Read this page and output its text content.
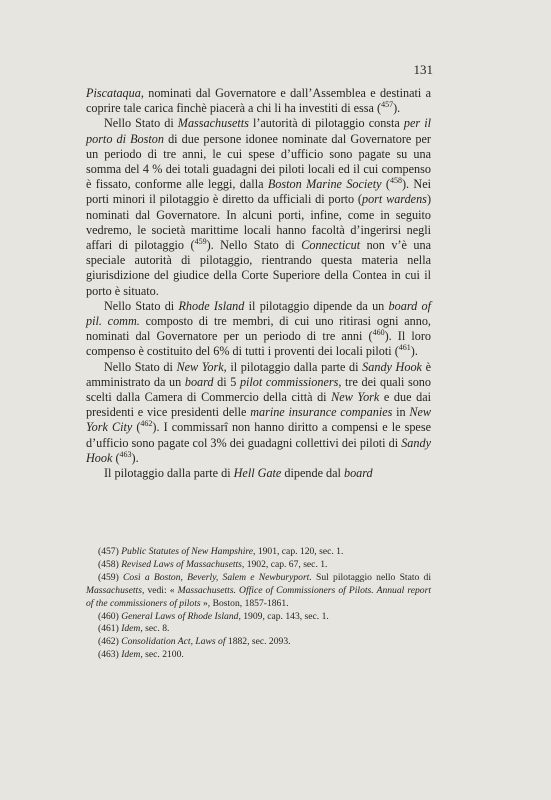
131

Piscataqua, nominati dal Governatore e dall’Assemblea e destinati a coprire tale carica finchè piacerà a chi li ha investiti di essa ($^{457}$).

Nello Stato di Massachusetts l’autorità di pilotaggio consta per il porto di Boston di due persone idonee nominate dal Governatore per un periodo di tre anni, le cui spese d’ufficio sono pagate su una somma del 4 % dei totali guadagni dei piloti locali ed il cui compenso è fissato, conforme alle leggi, dalla Boston Marine Society ($^{458}$). Nei porti minori il pilotaggio è diretto da ufficiali di porto (port wardens) nominati dal Governatore. In alcuni porti, infine, come in seguito vedremo, le società marittime locali hanno facoltà d’ingerirsi negli affari di pilotaggio ($^{459}$). Nello Stato di Connecticut non v’è una speciale autorità di pilotaggio, rientrando questa materia nella giurisdizione del giudice della Corte Superiore della Contea in cui il porto è situato.

Nello Stato di Rhode Island il pilotaggio dipende da un board of pil. comm. composto di tre membri, di cui uno ritirasi ogni anno, nominati dal Governatore per un periodo di tre anni ($^{460}$). Il loro compenso è costituito del 6% di tutti i proventi dei locali piloti ($^{461}$).

Nello Stato di New York, il pilotaggio dalla parte di Sandy Hook è amministrato da un board di 5 pilot commissioners, tre dei quali sono scelti dalla Camera di Commercio della città di New York e due dai presidenti e vice presidenti delle marine insurance companies in New York City ($^{462}$). I commissarî non hanno diritto a compensi e le spese d’ufficio sono pagate col 3% dei guadagni collettivi dei piloti di Sandy Hook ($^{463}$).

Il pilotaggio dalla parte di Hell Gate dipende dal board

(457) Public Statutes of New Hampshire, 1901, cap. 120, sec. 1.

(458) Revised Laws of Massachusetts, 1902, cap. 67, sec. 1.

(459) Così a Boston, Beverly, Salem e Newburyport. Sul pilotaggio nello Stato di Massachusetts, vedi: « Massachusetts. Office of Commissioners of Pilots. Annual report of the commissioners of pilots », Boston, 1857-1861.

(460) General Laws of Rhode Island, 1909, cap. 143, sec. 1.

(461) Idem, sec. 8.

(462) Consolidation Act, Laws of 1882, sec. 2093.

(463) Idem, sec. 2100.
